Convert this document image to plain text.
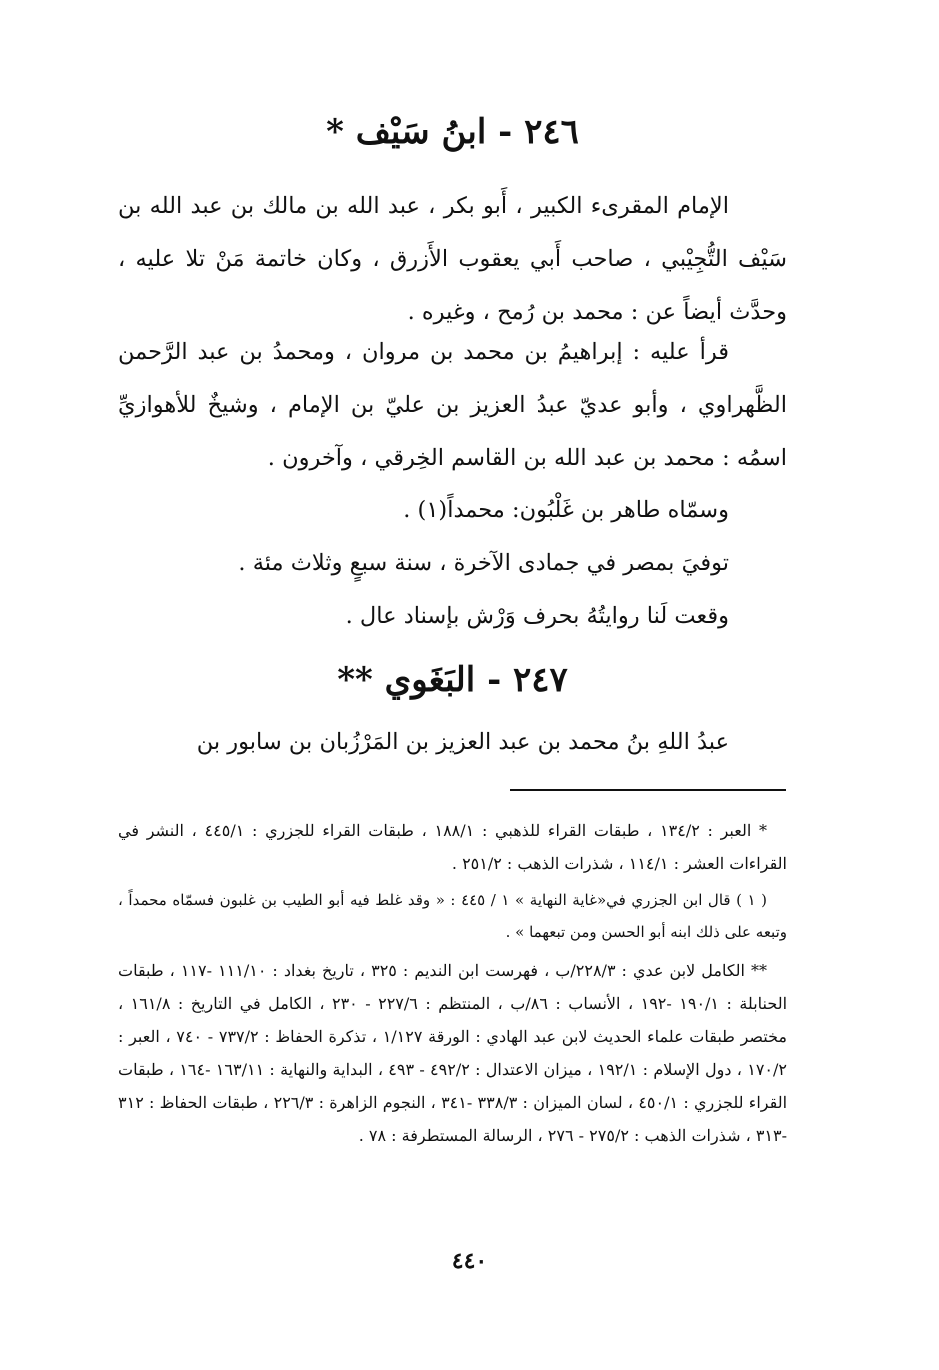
٢٤٦ - ابنُ سَيْف *

الإمام المقرىء الكبير ، أَبو بكر ، عبد الله بن مالك بن عبد الله بن سَيْف التُّجِيْبي ، صاحب أَبي يعقوب الأَزرق ، وكان خاتمة مَنْ تلا عليه ، وحدَّث أيضاً عن : محمد بن رُمح ، وغيره .

قرأ عليه : إبراهيمُ بن محمد بن مروان ، ومحمدُ بن عبد الرَّحمن الظَّهراوي ، وأبو عديّ عبدُ العزيز بن عليّ بن الإمام ، وشيخٌ للأهوازيِّ اسمُه : محمد بن عبد الله بن القاسم الخِرقي ، وآخرون .

وسمّاه طاهر بن غَلْبُون: محمداً(١) .

توفيَ بمصر في جمادى الآخرة ، سنة سبعٍ وثلاث مئة .

وقعت لَنا روايتُهُ بحرف وَرْش بإسناد عال .

٢٤٧ - البَغَوي **

عبدُ اللهِ بنُ محمد بن عبد العزيز بن المَرْزُبان بن سابور بن

* العبر : ١٣٤/٢ ، طبقات القراء للذهبي : ١٨٨/١ ، طبقات القراء للجزري : ٤٤٥/١ ، النشر في القراءات العشر : ١١٤/١ ، شذرات الذهب : ٢٥١/٢ .

( ١ ) قال ابن الجزري في«غاية النهاية » ١ / ٤٤٥ : « وقد غلط فيه أبو الطيب بن غلبون فسمّاه محمداً ، وتبعه على ذلك ابنه أبو الحسن ومن تبعهما » .

** الكامل لابن عدي : ٢٢٨/٣/ب ، فهرست ابن النديم : ٣٢٥ ، تاريخ بغداد : ١١١/١٠ -١١٧ ، طبقات الحنابلة : ١٩٠/١ -١٩٢ ، الأنساب : ٨٦/ب ، المنتظم : ٢٢٧/٦ - ٢٣٠ ، الكامل في التاريخ : ١٦١/٨ ، مختصر طبقات علماء الحديث لابن عبد الهادي : الورقة ١/١٢٧ ، تذكرة الحفاظ : ٧٣٧/٢ - ٧٤٠ ، العبر : ١٧٠/٢ ، دول الإسلام : ١٩٢/١ ، ميزان الاعتدال : ٤٩٢/٢ - ٤٩٣ ، البداية والنهاية : ١٦٣/١١ -١٦٤ ، طبقات القراء للجزري : ٤٥٠/١ ، لسان الميزان : ٣٣٨/٣ -٣٤١ ، النجوم الزاهرة : ٢٢٦/٣ ، طبقات الحفاظ : ٣١٢ -٣١٣ ، شذرات الذهب : ٢٧٥/٢ - ٢٧٦ ، الرسالة المستطرفة : ٧٨ .

٤٤٠
